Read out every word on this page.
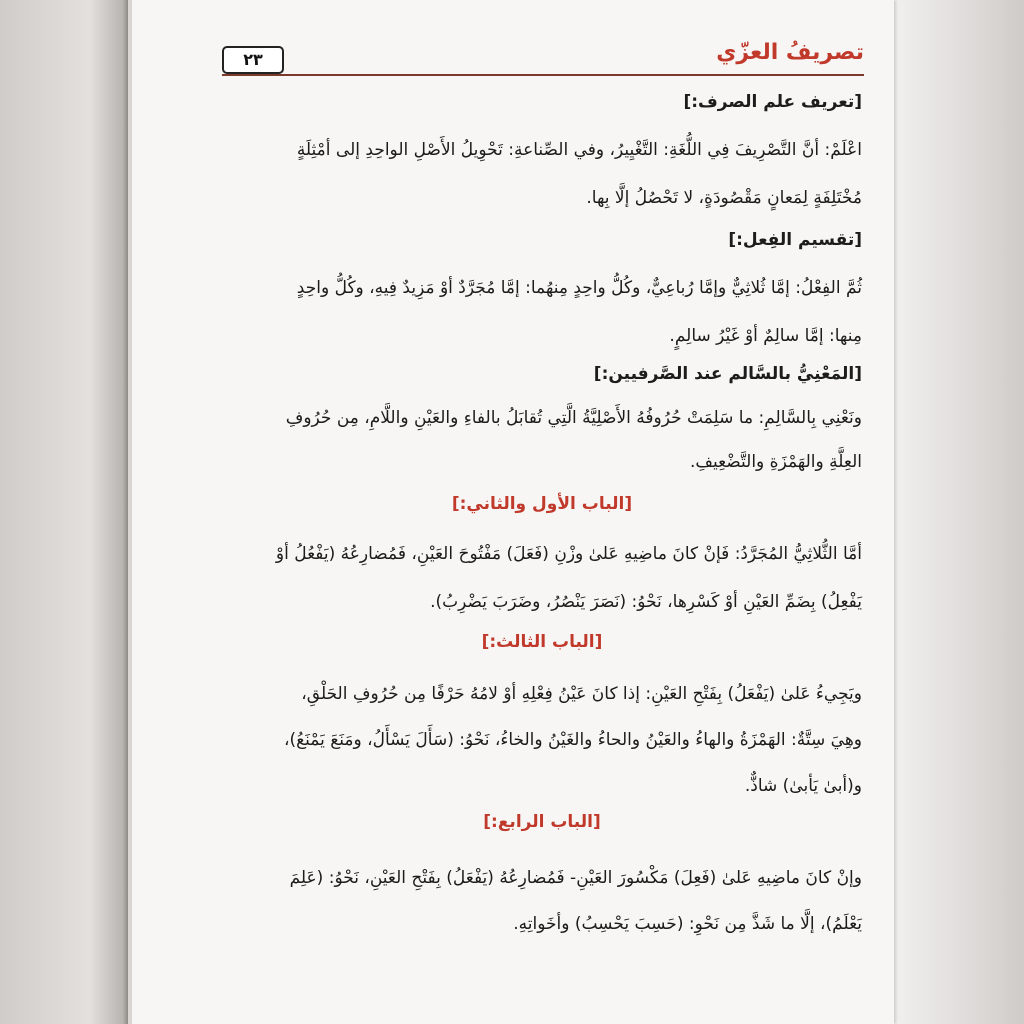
٢٣	تصريفُ العزّي
[تعريف علم الصرف:]
اعْلَمْ: أنَّ التَّصْرِيفَ فِي اللُّغَةِ: التَّغْيِيرُ، وفي الصِّناعةِ: تَحْوِيلُ الأَصْلِ الواحِدِ إلى أمْثِلَةٍ
مُخْتَلِفَةٍ لِمَعانٍ مَقْصُودَةٍ، لا تَحْصُلُ إلَّا بِها.
[تقسيم الفِعل:]
ثُمَّ الفِعْلُ: إمَّا ثُلاثِيٌّ وإمَّا رُباعِيٌّ، وكُلُّ واحِدٍ مِنهُما: إمَّا مُجَرَّدٌ أوْ مَزِيدٌ فِيهِ، وكُلُّ واحِدٍ
مِنها: إمَّا سالِمٌ أوْ غَيْرُ سالِمٍ.
[المَعْنِيُّ بالسَّالم عند الصَّرفيين:]
ونَعْنِي بِالسَّالِمِ: ما سَلِمَتْ حُرُوفُهُ الأَصْلِيَّةُ الَّتِي تُقابَلُ بالفاءِ والعَيْنِ واللَّامِ، مِن حُرُوفِ
العِلَّةِ والهَمْزَةِ والتَّضْعِيفِ.
[الباب الأول والثاني:]
أمَّا الثُّلاثِيُّ المُجَرَّدُ: فَإنْ كانَ ماضِيهِ عَلىٰ وزْنِ (فَعَلَ) مَفْتُوحَ العَيْنِ، فَمُضارِعُهُ (يَفْعُلُ أوْ
يَفْعِلُ) بِضَمِّ العَيْنِ أوْ كَسْرِها، نَحْوُ: (نَصَرَ يَنْصُرُ، وضَرَبَ يَضْرِبُ).
[الباب الثالث:]
ويَجِيءُ عَلىٰ (يَفْعَلُ) بِفَتْحِ العَيْنِ: إذا كانَ عَيْنُ فِعْلِهِ أوْ لامُهُ حَرْفًا مِن حُرُوفِ الحَلْقِ،
وهِيَ سِتَّةٌ: الهَمْزَةُ والهاءُ والعَيْنُ والحاءُ والغَيْنُ والخاءُ، نَحْوُ: (سَأَلَ يَسْأَلُ، ومَنَعَ يَمْنَعُ)،
و(أبىٰ يَأبىٰ) شاذٌّ.
[الباب الرابع:]
وإنْ كانَ ماضِيهِ عَلىٰ (فَعِلَ) مَكْسُورَ العَيْنِ- فَمُضارِعُهُ (يَفْعَلُ) بِفَتْحِ العَيْنِ، نَحْوُ: (عَلِمَ
يَعْلَمُ)، إلَّا ما شَذَّ مِن نَحْوِ: (حَسِبَ يَحْسِبُ) وأخَواتِهِ.
